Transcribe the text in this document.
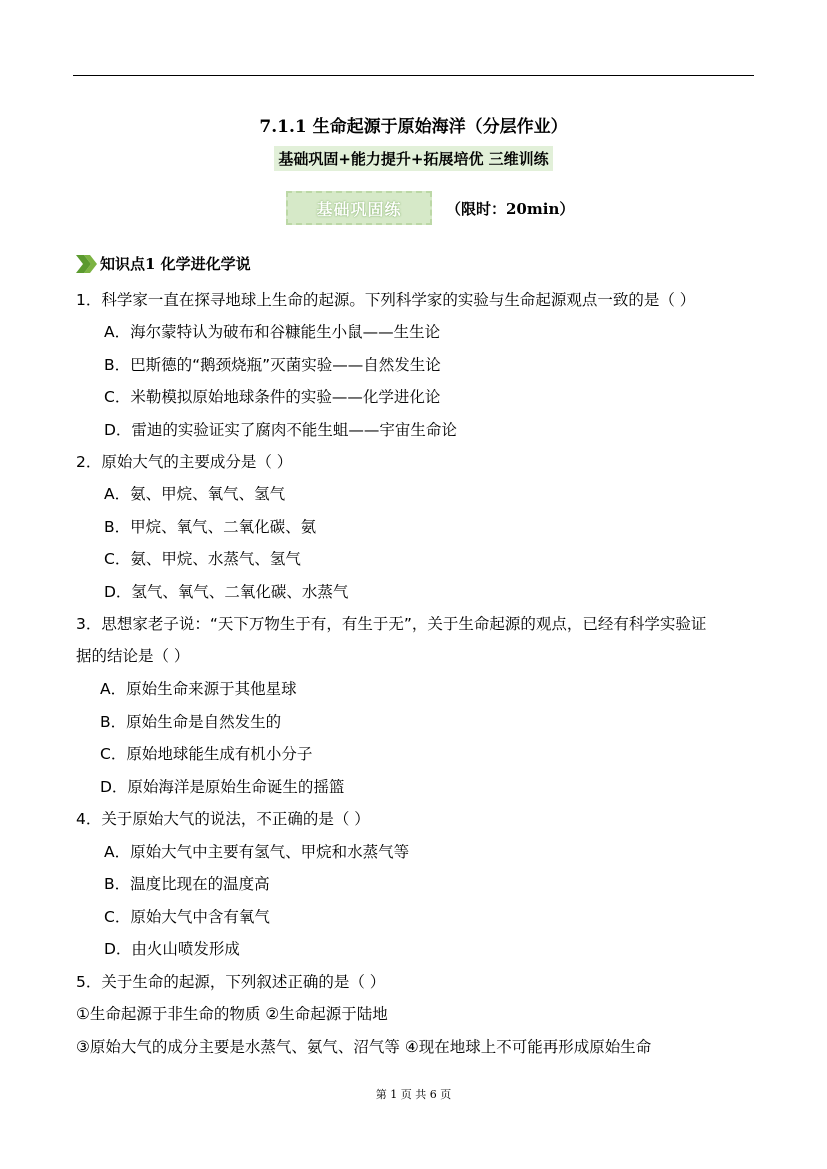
7.1.1 生命起源于原始海洋（分层作业）
基础巩固+能力提升+拓展培优 三维训练
基础巩固练	（限时：20min）
知识点1 化学进化学说
1．科学家一直在探寻地球上生命的起源。下列科学家的实验与生命起源观点一致的是（ ）
A．海尔蒙特认为破布和谷糠能生小鼠——生生论
B．巴斯德的“鹅颈烧瓶”灭菌实验——自然发生论
C．米勒模拟原始地球条件的实验——化学进化论
D．雷迪的实验证实了腐肉不能生蛆——宇宙生命论
2．原始大气的主要成分是（ ）
A．氨、甲烷、氧气、氢气
B．甲烷、氧气、二氧化碳、氨
C．氨、甲烷、水蒸气、氢气
D．氢气、氧气、二氧化碳、水蒸气
3．思想家老子说：“天下万物生于有，有生于无”，关于生命起源的观点，已经有科学实验证
据的结论是（ ）
A．原始生命来源于其他星球
B．原始生命是自然发生的
C．原始地球能生成有机小分子
D．原始海洋是原始生命诞生的摇篮
4．关于原始大气的说法，不正确的是（ ）
A．原始大气中主要有氢气、甲烷和水蒸气等
B．温度比现在的温度高
C．原始大气中含有氧气
D．由火山喷发形成
5．关于生命的起源，下列叙述正确的是（ ）
①生命起源于非生命的物质 ②生命起源于陆地
③原始大气的成分主要是水蒸气、氨气、沼气等 ④现在地球上不可能再形成原始生命
第 1 页 共 6 页
